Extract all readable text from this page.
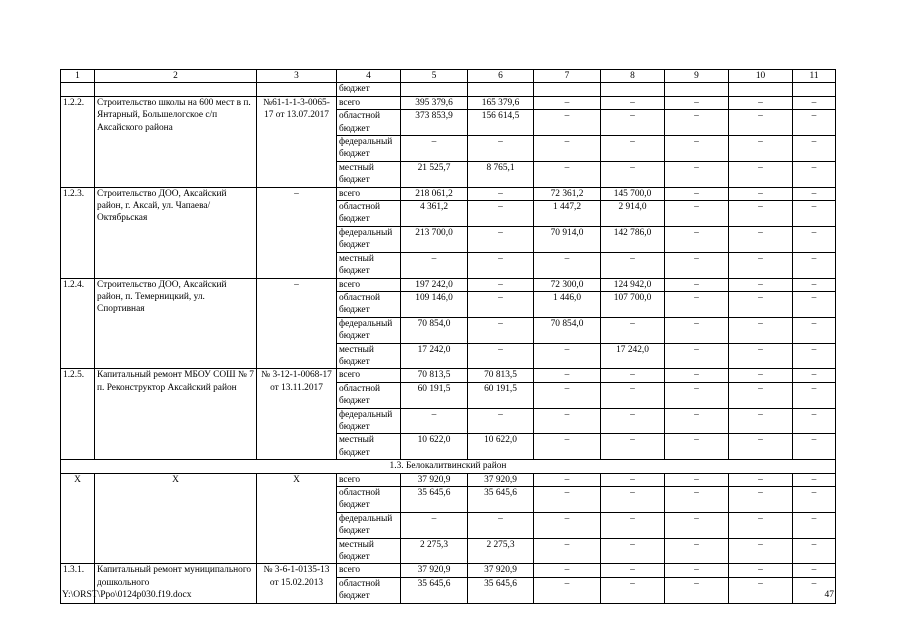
1	2	3	4	5	6	7	8	9	10	11
			бюджет							
1.2.2.	Строительство школы на 600 мест в п. Янтарный, Большелогское с/п Аксайского района	№61-1-1-3-0065-17 от 13.07.2017	всего	395 379,6	165 379,6	–	–	–	–	–
			областной бюджет	373 853,9	156 614,5	–	–	–	–	–
			федеральный бюджет	–	–	–	–	–	–	–
			местный бюджет	21 525,7	8 765,1	–	–	–	–	–
1.2.3.	Строительство ДОО, Аксайский район, г. Аксай, ул. Чапаева/Октябрьская	–	всего	218 061,2	–	72 361,2	145 700,0	–	–	–
			областной бюджет	4 361,2	–	1 447,2	2 914,0	–	–	–
			федеральный бюджет	213 700,0	–	70 914,0	142 786,0	–	–	–
			местный бюджет	–	–	–	–	–	–	–
1.2.4.	Строительство ДОО, Аксайский район, п. Темерницкий, ул. Спортивная	–	всего	197 242,0	–	72 300,0	124 942,0	–	–	–
			областной бюджет	109 146,0	–	1 446,0	107 700,0	–	–	–
			федеральный бюджет	70 854,0	–	70 854,0	–	–	–	–
			местный бюджет	17 242,0	–	–	17 242,0	–	–	–
1.2.5.	Капитальный ремонт МБОУ СОШ № 7 п. Реконструктор Аксайский район	№ 3-12-1-0068-17 от 13.11.2017	всего	70 813,5	70 813,5	–	–	–	–	–
			областной бюджет	60 191,5	60 191,5	–	–	–	–	–
			федеральный бюджет	–	–	–	–	–	–	–
			местный бюджет	10 622,0	10 622,0	–	–	–	–	–
1.3. Белокалитвинский район										
Х	Х	Х	всего	37 920,9	37 920,9	–	–	–	–	–
			областной бюджет	35 645,6	35 645,6	–	–	–	–	–
			федеральный бюджет	–	–	–	–	–	–	–
			местный бюджет	2 275,3	2 275,3	–	–	–	–	–
1.3.1.	Капитальный ремонт муниципального дошкольного	№ 3-6-1-0135-13 от 15.02.2013	всего	37 920,9	37 920,9	–	–	–	–	–
			областной бюджет	35 645,6	35 645,6	–	–	–	–	–
Y:\ORST\Ppo\0124p030.f19.docx	47
